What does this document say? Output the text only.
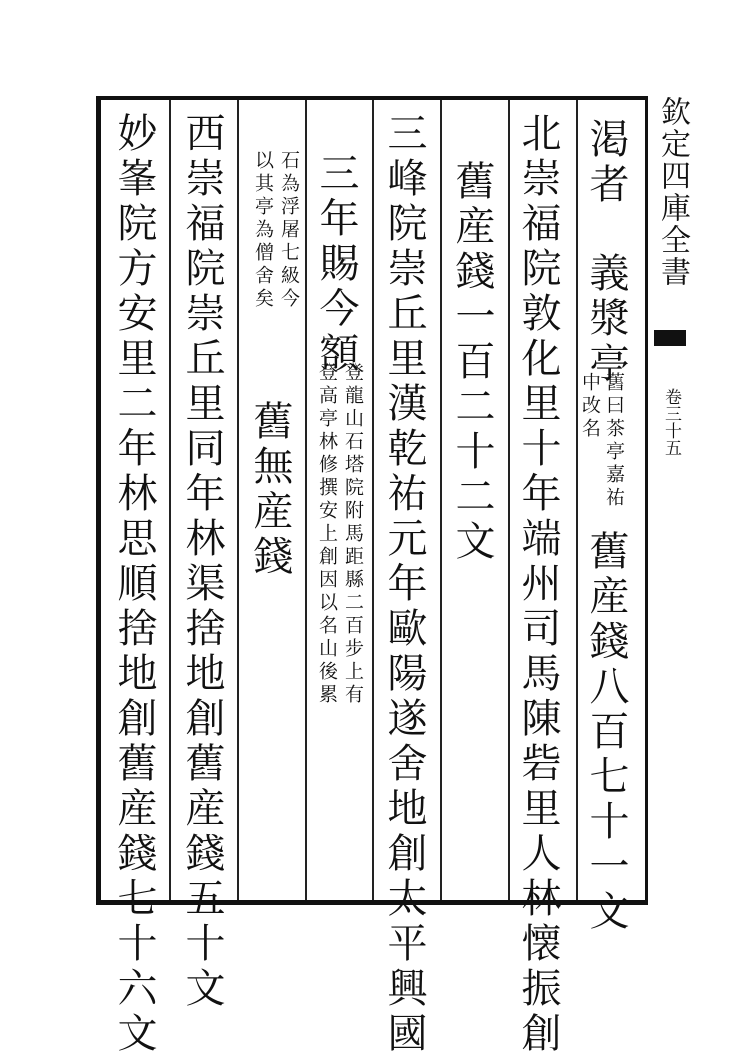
欽定四庫全書
卷三十五
渇者
義漿亭
舊曰茶亭嘉祐中改名
舊産錢八百七十一文
北崇福院敦化里十年端州司馬陳砦里人林懐振創
舊産錢一百二十二文
三峰院崇丘里漢乾祐元年歐陽遂舍地創太平興國
三年賜今額
登龍山石塔院附馬距縣二百步上有
登高亭林修撰安上創因以名山後累
石為浮屠七級今
以其亭為僧舍矣
舊無産錢
西崇福院崇丘里同年林渠捨地創舊産錢五十文
妙峯院方安里二年林思順捨地創舊産錢七十六文
